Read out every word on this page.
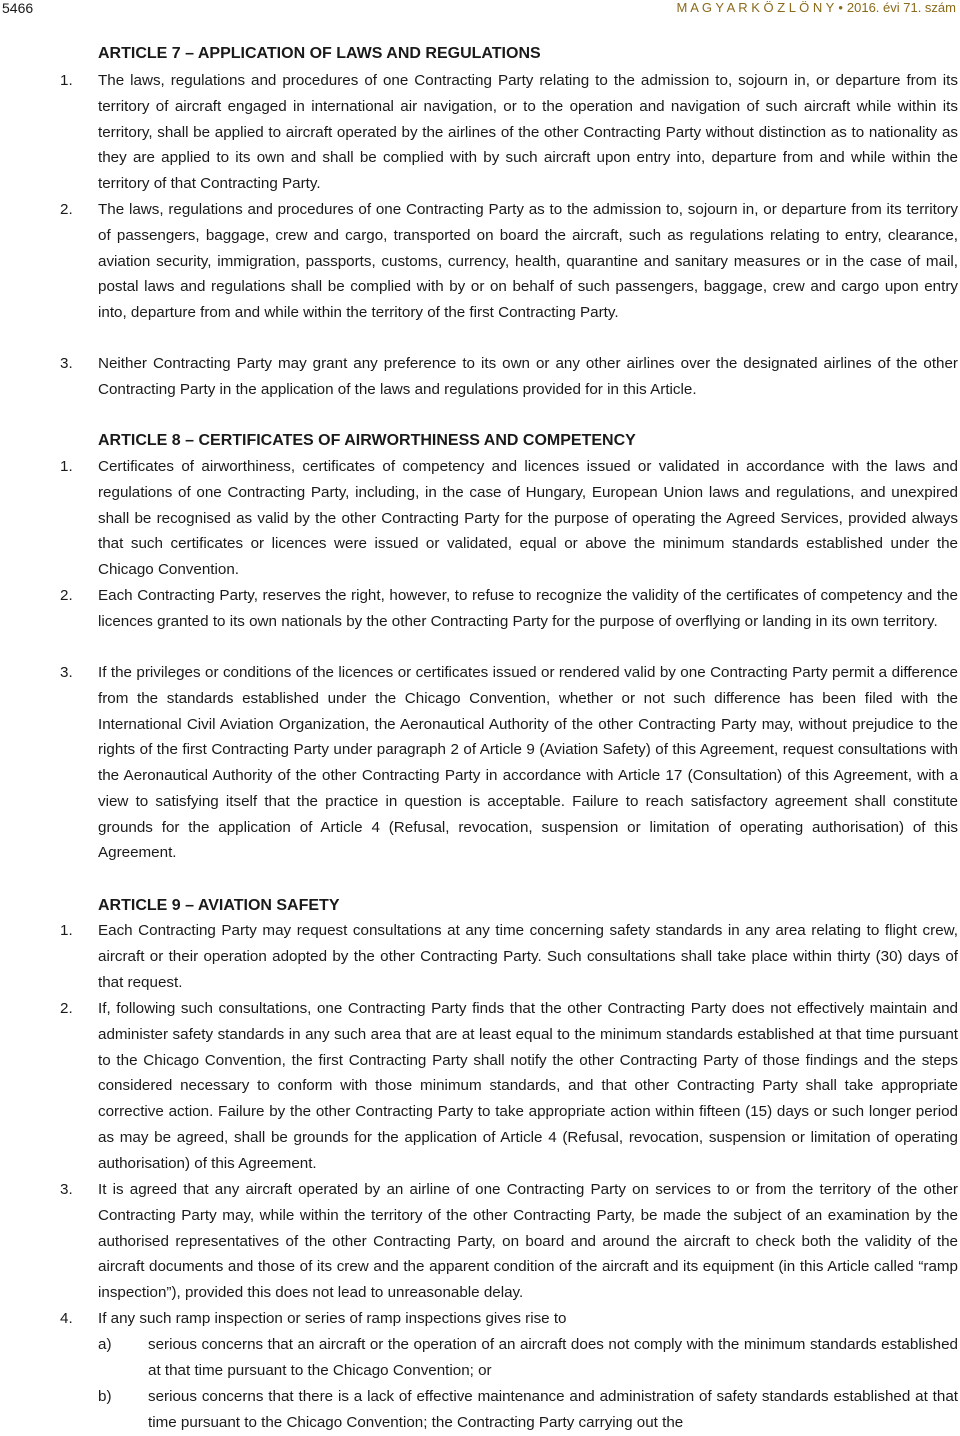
5466	M A G Y A R K Ö Z L Ö N Y • 2016. évi 71. szám
ARTICLE 7 – APPLICATION OF LAWS AND REGULATIONS

1.	The laws, regulations and procedures of one Contracting Party relating to the admission to, sojourn in, or departure from its territory of aircraft engaged in international air navigation, or to the operation and navigation of such aircraft while within its territory, shall be applied to aircraft operated by the airlines of the other Contracting Party without distinction as to nationality as they are applied to its own and shall be complied with by such aircraft upon entry into, departure from and while within the territory of that Contracting Party.

2.	The laws, regulations and procedures of one Contracting Party as to the admission to, sojourn in, or departure from its territory of passengers, baggage, crew and cargo, transported on board the aircraft, such as regulations relating to entry, clearance, aviation security, immigration, passports, customs, currency, health, quarantine and sanitary measures or in the case of mail, postal laws and regulations shall be complied with by or on behalf of such passengers, baggage, crew and cargo upon entry into, departure from and while within the territory of the first Contracting Party.

3.	Neither Contracting Party may grant any preference to its own or any other airlines over the designated airlines of the other Contracting Party in the application of the laws and regulations provided for in this Article.

ARTICLE 8 – CERTIFICATES OF AIRWORTHINESS AND COMPETENCY

1.	Certificates of airworthiness, certificates of competency and licences issued or validated in accordance with the laws and regulations of one Contracting Party, including, in the case of Hungary, European Union laws and regulations, and unexpired shall be recognised as valid by the other Contracting Party for the purpose of operating the Agreed Services, provided always that such certificates or licences were issued or validated, equal or above the minimum standards established under the Chicago Convention.

2.	Each Contracting Party, reserves the right, however, to refuse to recognize the validity of the certificates of competency and the licences granted to its own nationals by the other Contracting Party for the purpose of overflying or landing in its own territory.

3.	If the privileges or conditions of the licences or certificates issued or rendered valid by one Contracting Party permit a difference from the standards established under the Chicago Convention, whether or not such difference has been filed with the International Civil Aviation Organization, the Aeronautical Authority of the other Contracting Party may, without prejudice to the rights of the first Contracting Party under paragraph 2 of Article 9 (Aviation Safety) of this Agreement, request consultations with the Aeronautical Authority of the other Contracting Party in accordance with Article 17 (Consultation) of this Agreement, with a view to satisfying itself that the practice in question is acceptable. Failure to reach satisfactory agreement shall constitute grounds for the application of Article 4 (Refusal, revocation, suspension or limitation of operating authorisation) of this Agreement.

ARTICLE 9 – AVIATION SAFETY

1.	Each Contracting Party may request consultations at any time concerning safety standards in any area relating to flight crew, aircraft or their operation adopted by the other Contracting Party. Such consultations shall take place within thirty (30) days of that request.

2.	If, following such consultations, one Contracting Party finds that the other Contracting Party does not effectively maintain and administer safety standards in any such area that are at least equal to the minimum standards established at that time pursuant to the Chicago Convention, the first Contracting Party shall notify the other Contracting Party of those findings and the steps considered necessary to conform with those minimum standards, and that other Contracting Party shall take appropriate corrective action. Failure by the other Contracting Party to take appropriate action within fifteen (15) days or such longer period as may be agreed, shall be grounds for the application of Article 4 (Refusal, revocation, suspension or limitation of operating authorisation) of this Agreement.

3.	It is agreed that any aircraft operated by an airline of one Contracting Party on services to or from the territory of the other Contracting Party may, while within the territory of the other Contracting Party, be made the subject of an examination by the authorised representatives of the other Contracting Party, on board and around the aircraft to check both the validity of the aircraft documents and those of its crew and the apparent condition of the aircraft and its equipment (in this Article called “ramp inspection”), provided this does not lead to unreasonable delay.

4.	If any such ramp inspection or series of ramp inspections gives rise to

a)	serious concerns that an aircraft or the operation of an aircraft does not comply with the minimum standards established at that time pursuant to the Chicago Convention; or

b)	serious concerns that there is a lack of effective maintenance and administration of safety standards established at that time pursuant to the Chicago Convention; the Contracting Party carrying out the
